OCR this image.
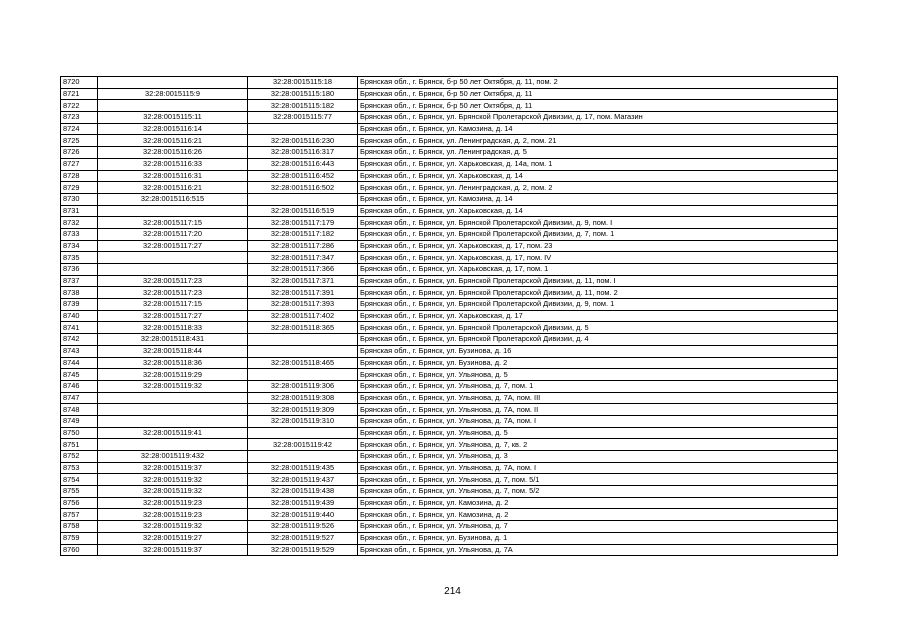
8720		32:28:0015115:18	Брянская обл., г. Брянск, б-р 50 лет Октября, д. 11, пом. 2
8721	32:28:0015115:9	32:28:0015115:180	Брянская обл., г. Брянск, б-р 50 лет Октября, д. 11
8722		32:28:0015115:182	Брянская обл., г. Брянск, б-р 50 лет Октября, д. 11
8723	32:28:0015115:11	32:28:0015115:77	Брянская обл., г. Брянск, ул. Брянской Пролетарской Дивизии, д. 17, пом. Магазин
8724	32:28:0015116:14		Брянская обл., г. Брянск, ул. Камозина, д. 14
8725	32:28:0015116:21	32:28:0015116:230	Брянская обл., г. Брянск, ул. Ленинградская, д. 2, пом. 21
8726	32:28:0015116:26	32:28:0015116:317	Брянская обл., г. Брянск, ул. Ленинградская, д. 5
8727	32:28:0015116:33	32:28:0015116:443	Брянская обл., г. Брянск, ул. Харьковская, д. 14а, пом. 1
8728	32:28:0015116:31	32:28:0015116:452	Брянская обл., г. Брянск, ул. Харьковская, д. 14
8729	32:28:0015116:21	32:28:0015116:502	Брянская обл., г. Брянск, ул. Ленинградская, д. 2, пом. 2
8730	32:28:0015116:515		Брянская обл., г. Брянск, ул. Камозина, д. 14
8731		32:28:0015116:519	Брянская обл., г. Брянск, ул. Харьковская, д. 14
8732	32:28:0015117:15	32:28:0015117:179	Брянская обл., г. Брянск, ул. Брянской Пролетарской Дивизии, д. 9, пом. I
8733	32:28:0015117:20	32:28:0015117:182	Брянская обл., г. Брянск, ул. Брянской Пролетарской Дивизии, д. 7, пом. 1
8734	32:28:0015117:27	32:28:0015117:286	Брянская обл., г. Брянск, ул. Харьковская, д. 17, пом. 23
8735		32:28:0015117:347	Брянская обл., г. Брянск, ул. Харьковская, д. 17, пом. IV
8736		32:28:0015117:366	Брянская обл., г. Брянск, ул. Харьковская, д. 17, пом. 1
8737	32:28:0015117:23	32:28:0015117:371	Брянская обл., г. Брянск, ул. Брянской Пролетарской Дивизии, д. 11, пом. I
8738	32:28:0015117:23	32:28:0015117:391	Брянская обл., г. Брянск, ул. Брянской Пролетарской Дивизии, д. 11, пом. 2
8739	32:28:0015117:15	32:28:0015117:393	Брянская обл., г. Брянск, ул. Брянской Пролетарской Дивизии, д. 9, пом. 1
8740	32:28:0015117:27	32:28:0015117:402	Брянская обл., г. Брянск, ул. Харьковская, д. 17
8741	32:28:0015118:33	32:28:0015118:365	Брянская обл., г. Брянск, ул. Брянской Пролетарской Дивизии, д. 5
8742	32:28:0015118:431		Брянская обл., г. Брянск, ул. Брянской Пролетарской Дивизии, д. 4
8743	32:28:0015118:44		Брянская обл., г. Брянск, ул. Бузинова, д. 16
8744	32:28:0015118:36	32:28:0015118:465	Брянская обл., г. Брянск, ул. Бузинова, д. 2
8745	32:28:0015119:29		Брянская обл., г. Брянск, ул. Ульянова, д. 5
8746	32:28:0015119:32	32:28:0015119:306	Брянская обл., г. Брянск, ул. Ульянова, д. 7, пом. 1
8747		32:28:0015119:308	Брянская обл., г. Брянск, ул. Ульянова, д. 7А, пом. III
8748		32:28:0015119:309	Брянская обл., г. Брянск, ул. Ульянова, д. 7А, пом. II
8749		32:28:0015119:310	Брянская обл., г. Брянск, ул. Ульянова, д. 7А, пом. I
8750	32:28:0015119:41		Брянская обл., г. Брянск, ул. Ульянова, д. 5
8751		32:28:0015119:42	Брянская обл., г. Брянск, ул. Ульянова, д. 7, кв. 2
8752	32:28:0015119:432		Брянская обл., г. Брянск, ул. Ульянова, д. 3
8753	32:28:0015119:37	32:28:0015119:435	Брянская обл., г. Брянск, ул. Ульянова, д. 7А, пом. I
8754	32:28:0015119:32	32:28:0015119:437	Брянская обл., г. Брянск, ул. Ульянова, д. 7, пом. 5/1
8755	32:28:0015119:32	32:28:0015119:438	Брянская обл., г. Брянск, ул. Ульянова, д. 7, пом. 5/2
8756	32:28:0015119:23	32:28:0015119:439	Брянская обл., г. Брянск, ул. Камозина, д. 2
8757	32:28:0015119:23	32:28:0015119:440	Брянская обл., г. Брянск, ул. Камозина, д. 2
8758	32:28:0015119:32	32:28:0015119:526	Брянская обл., г. Брянск, ул. Ульянова, д. 7
8759	32:28:0015119:27	32:28:0015119:527	Брянская обл., г. Брянск, ул. Бузинова, д. 1
8760	32:28:0015119:37	32:28:0015119:529	Брянская обл., г. Брянск, ул. Ульянова, д. 7А
214
